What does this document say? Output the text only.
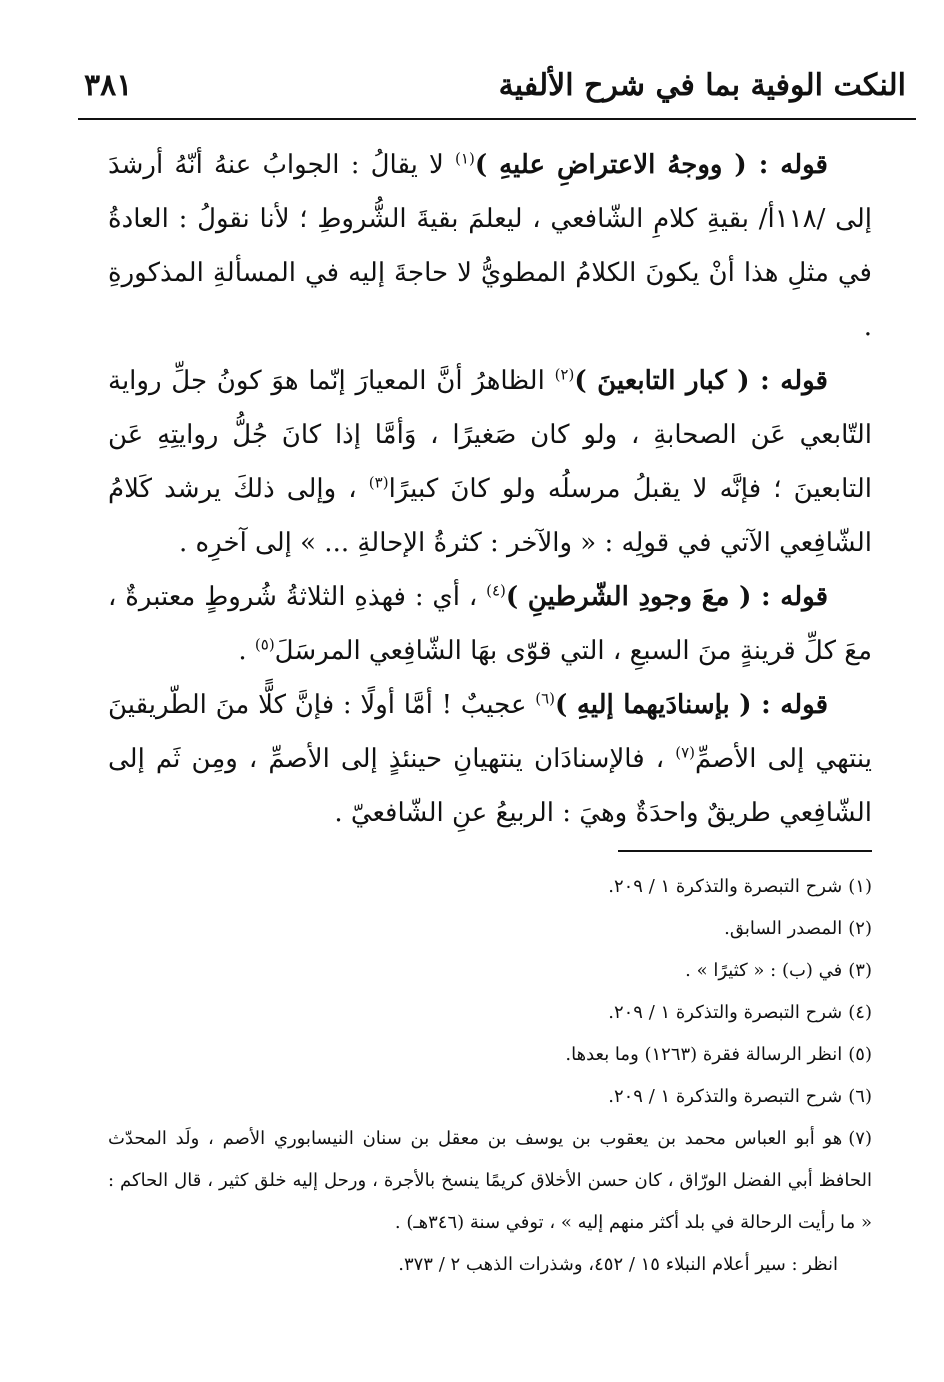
النكت الوفية بما في شرح الألفية
٣٨١

قوله : ( ووجهُ الاعتراضِ عليهِ )$^{(١)}$ لا يقالُ : الجوابُ عنهُ أنّهُ أرشدَ إلى /١١٨أ/ بقيةِ كلامِ الشّافعي ، ليعلمَ بقيةَ الشُّروطِ ؛ لأنا نقولُ : العادةُ في مثلِ هذا أنْ يكونَ الكلامُ المطويُّ لا حاجةَ إليه في المسألةِ المذكورةِ .

قوله : ( كبار التابعينَ )$^{(٢)}$ الظاهرُ أنَّ المعيارَ إنّما هوَ كونُ جلِّ رواية التّابعي عَن الصحابةِ ، ولو كان صَغيرًا ، وَأمَّا إذا كانَ جُلُّ روايتِهِ عَن التابعينَ ؛ فإنَّه لا يقبلُ مرسلُه ولو كانَ كبيرًا$^{(٣)}$ ، وإلى ذلكَ يرشد كَلامُ الشّافِعي الآتي في قولِه : « والآخر : كثرةُ الإحالةِ ... » إلى آخرِه .

قوله : ( معَ وجودِ الشّرطينِ )$^{(٤)}$ ، أي : فهذهِ الثلاثةُ شُروطٍ معتبرةٌ ، معَ كلِّ قرينةٍ منَ السبعِ ، التي قوّى بهَا الشّافِعي المرسَلَ$^{(٥)}$ .

قوله : ( بإسنادَيهما إليهِ )$^{(٦)}$ عجيبٌ ! أمَّا أولًا : فإنَّ كلًّا منَ الطّريقينَ ينتهي إلى الأصمِّ$^{(٧)}$ ، فالإسنادَان ينتهيانِ حينئذٍ إلى الأصمِّ ، ومِن ثَم إلى الشّافِعي طريقٌ واحدَةٌ وهيَ : الربيعُ عنِ الشّافعيّ .

(١)شرح التبصرة والتذكرة ١ / ٢٠٩.

(٢)المصدر السابق.

(٣)في (ب) : « كثيرًا » .

(٤)شرح التبصرة والتذكرة ١ / ٢٠٩.

(٥)انظر الرسالة فقرة (١٢٦٣) وما بعدها.

(٦)شرح التبصرة والتذكرة ١ / ٢٠٩.

(٧)هو أبو العباس محمد بن يعقوب بن يوسف بن معقل بن سنان النيسابوري الأصم ، ولَد المحدّث الحافظ أبي الفضل الورّاق ، كان حسن الأخلاق كريمًا ينسخ بالأجرة ، ورحل إليه خلق كثير ، قال الحاكم : « ما رأيت الرحالة في بلد أكثر منهم إليه » ، توفي سنة (٣٤٦هـ) .

انظر : سير أعلام النبلاء ١٥ / ٤٥٢، وشذرات الذهب ٢ / ٣٧٣.
